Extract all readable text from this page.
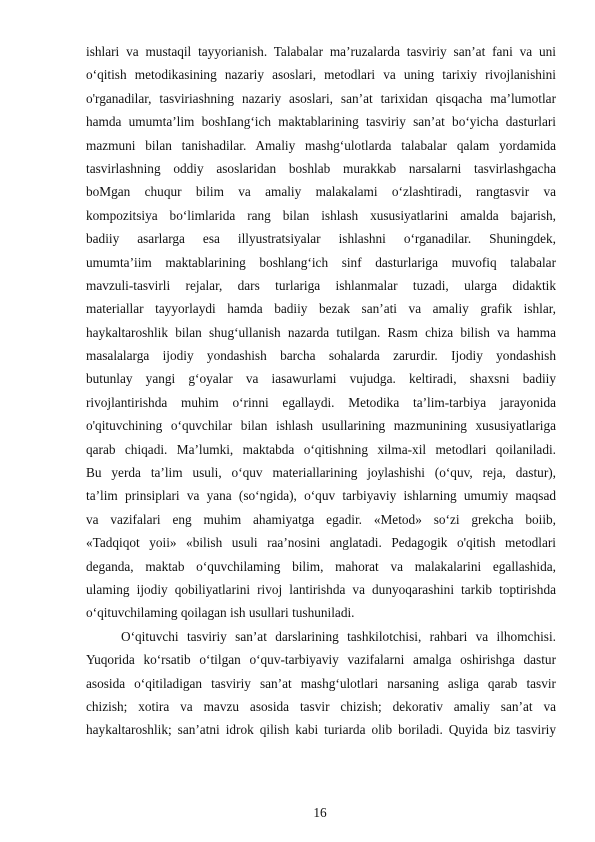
ishlari va mustaqil tayyorianish. Talabalar ma’ruzalarda tasviriy san’at fani va uni
o‘qitish metodikasining nazariy asoslari, metodlari va uning tarixiy rivojlanishini
o'rganadilar, tasviriashning nazariy asoslari, san’at tarixidan qisqacha ma’lumotlar
hamda umumta’lim boshIang‘ich maktablarining tasviriy san’at bo‘yicha dasturlari
mazmuni bilan tanishadilar. Amaliy mashg‘ulotlarda talabalar qalam yordamida
tasvirlashning oddiy asoslaridan boshlab murakkab narsalarni tasvirlashgacha
boMgan chuqur bilim va amaliy malakalami o‘zlashtiradi, rangtasvir va
kompozitsiya bo‘limlarida rang bilan ishlash xususiyatlarini amalda bajarish,
badiiy asarlarga esa illyustratsiyalar ishlashni o‘rganadilar. Shuningdek,
umumta’iim maktablarining boshlang‘ich sinf dasturlariga muvofiq talabalar
mavzuli-tasvirli rejalar, dars turlariga ishlanmalar tuzadi, ularga didaktik
materiallar tayyorlaydi hamda badiiy bezak san’ati va amaliy grafik ishlar,
haykaltaroshlik bilan shug‘ullanish nazarda tutilgan. Rasm chiza bilish va hamma
masalalarga ijodiy yondashish barcha sohalarda zarurdir. Ijodiy yondashish
butunlay yangi g‘oyalar va iasawurlami vujudga. keltiradi, shaxsni badiiy
rivojlantirishda muhim o‘rinni egallaydi. Metodika ta’lim-tarbiya jarayonida
o'qituvchining o‘quvchilar bilan ishlash usullarining mazmunining xususiyatlariga
qarab chiqadi. Ma’lumki, maktabda o‘qitishning xilma-xil metodlari qoilaniladi.
Bu yerda ta’lim usuli, o‘quv materiallarining joylashishi (o‘quv, reja, dastur),
ta’lim prinsiplari va yana (so‘ngida), o‘quv tarbiyaviy ishlarning umumiy maqsad
va vazifalari eng muhim ahamiyatga egadir. «Metod» so‘zi grekcha boiib,
«Tadqiqot yoii» «bilish usuli raa’nosini anglatadi. Pedagogik o'qitish metodlari
deganda, maktab o‘quvchilaming bilim, mahorat va malakalarini egallashida,
ulaming ijodiy qobiliyatlarini rivoj lantirishda va dunyoqarashini tarkib toptirishda
o‘qituvchilaming qoilagan ish usullari tushuniladi.
O‘qituvchi tasviriy san’at darslarining tashkilotchisi, rahbari va ilhomchisi.
Yuqorida ko‘rsatib o‘tilgan o‘quv-tarbiyaviy vazifalarni amalga oshirishga dastur
asosida o‘qitiladigan tasviriy san’at mashg‘ulotlari narsaning asliga qarab tasvir
chizish; xotira va mavzu asosida tasvir chizish; dekorativ amaliy san’at va
haykaltaroshlik; san’atni idrok qilish kabi turiarda olib boriladi. Quyida biz tasviriy
16
